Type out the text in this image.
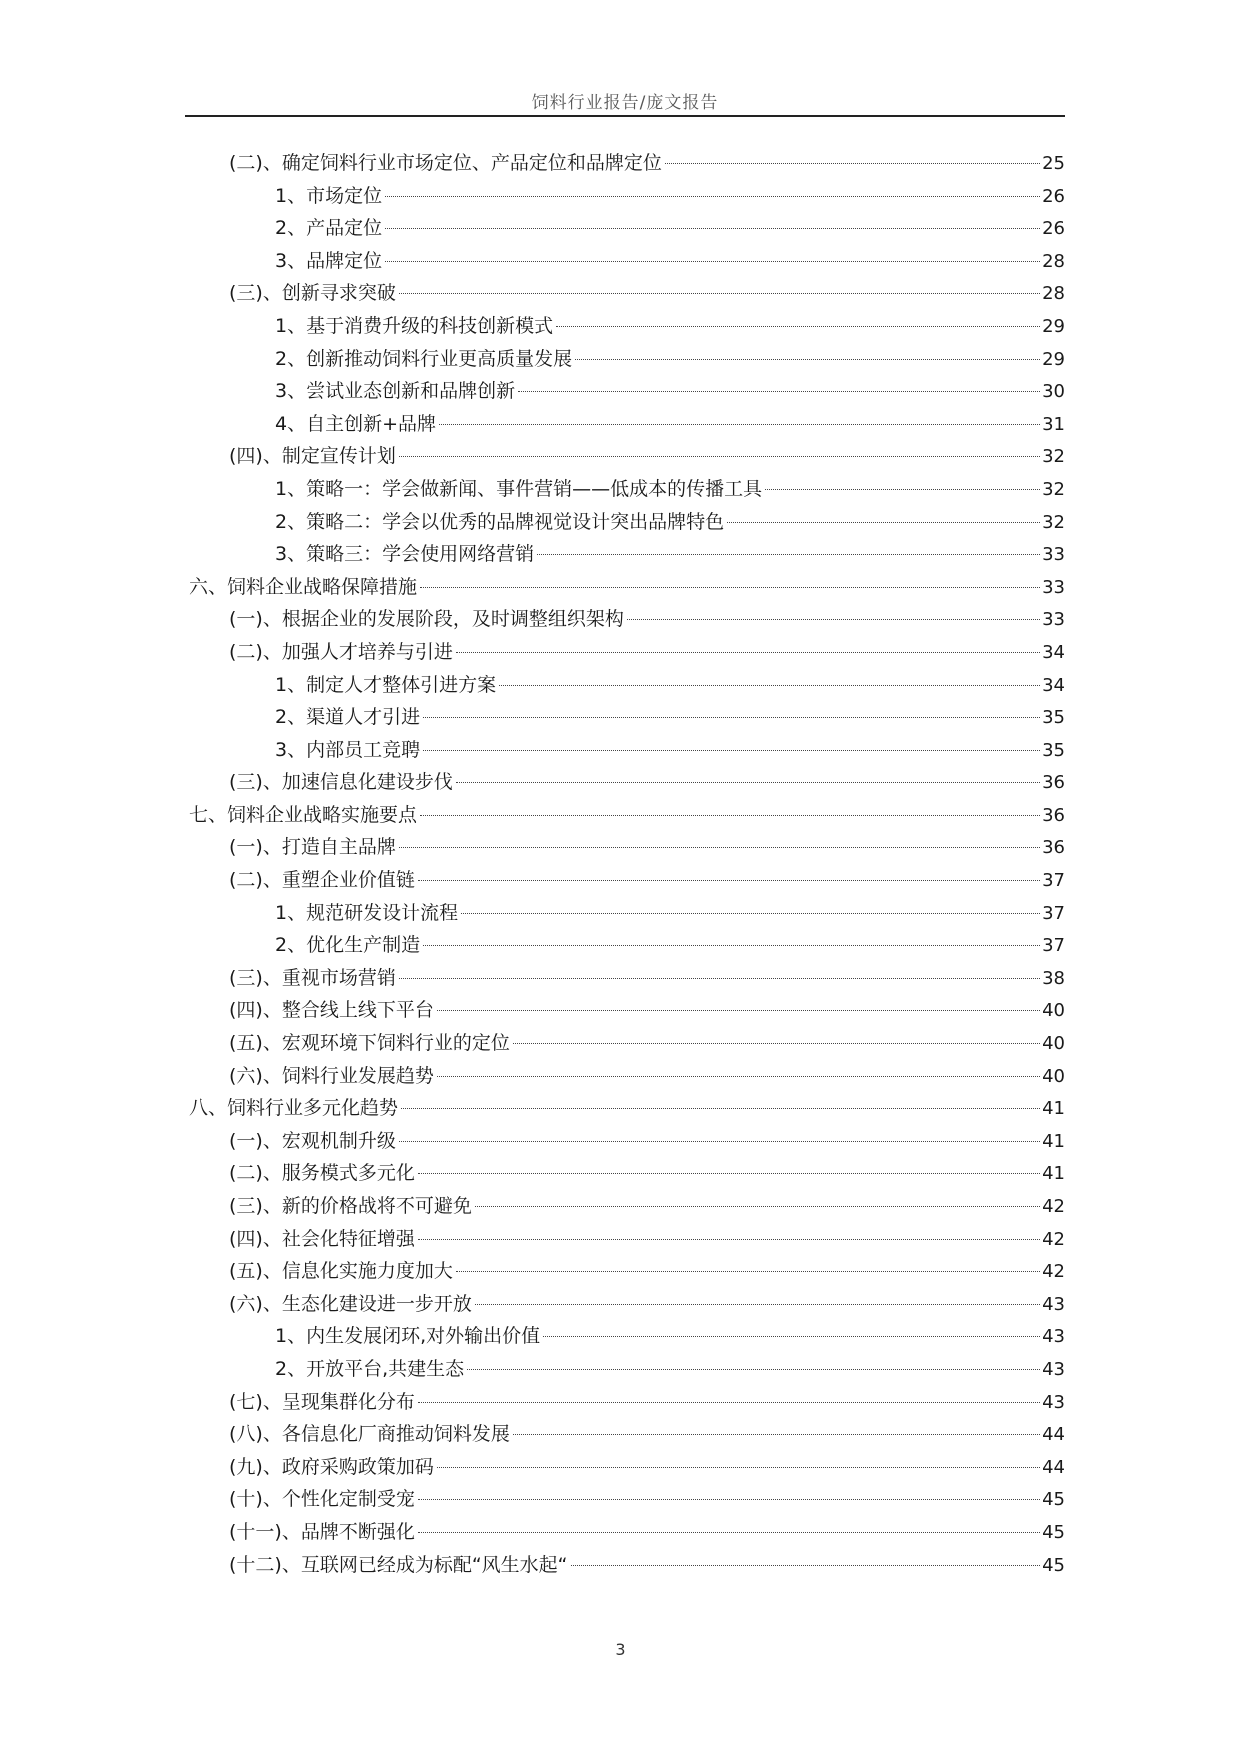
饲料行业报告/庞文报告
(二)、确定饲料行业市场定位、产品定位和品牌定位	25
1、市场定位	26
2、产品定位	26
3、品牌定位	28
(三)、创新寻求突破	28
1、基于消费升级的科技创新模式	29
2、创新推动饲料行业更高质量发展	29
3、尝试业态创新和品牌创新	30
4、自主创新+品牌	31
(四)、制定宣传计划	32
1、策略一：学会做新闻、事件营销——低成本的传播工具	32
2、策略二：学会以优秀的品牌视觉设计突出品牌特色	32
3、策略三：学会使用网络营销	33
六、饲料企业战略保障措施	33
(一)、根据企业的发展阶段，及时调整组织架构	33
(二)、加强人才培养与引进	34
1、制定人才整体引进方案	34
2、渠道人才引进	35
3、内部员工竞聘	35
(三)、加速信息化建设步伐	36
七、饲料企业战略实施要点	36
(一)、打造自主品牌	36
(二)、重塑企业价值链	37
1、规范研发设计流程	37
2、优化生产制造	37
(三)、重视市场营销	38
(四)、整合线上线下平台	40
(五)、宏观环境下饲料行业的定位	40
(六)、饲料行业发展趋势	40
八、饲料行业多元化趋势	41
(一)、宏观机制升级	41
(二)、服务模式多元化	41
(三)、新的价格战将不可避免	42
(四)、社会化特征增强	42
(五)、信息化实施力度加大	42
(六)、生态化建设进一步开放	43
1、内生发展闭环,对外输出价值	43
2、开放平台,共建生态	43
(七)、呈现集群化分布	43
(八)、各信息化厂商推动饲料发展	44
(九)、政府采购政策加码	44
(十)、个性化定制受宠	45
(十一)、品牌不断强化	45
(十二)、互联网已经成为标配“风生水起“	45
3
